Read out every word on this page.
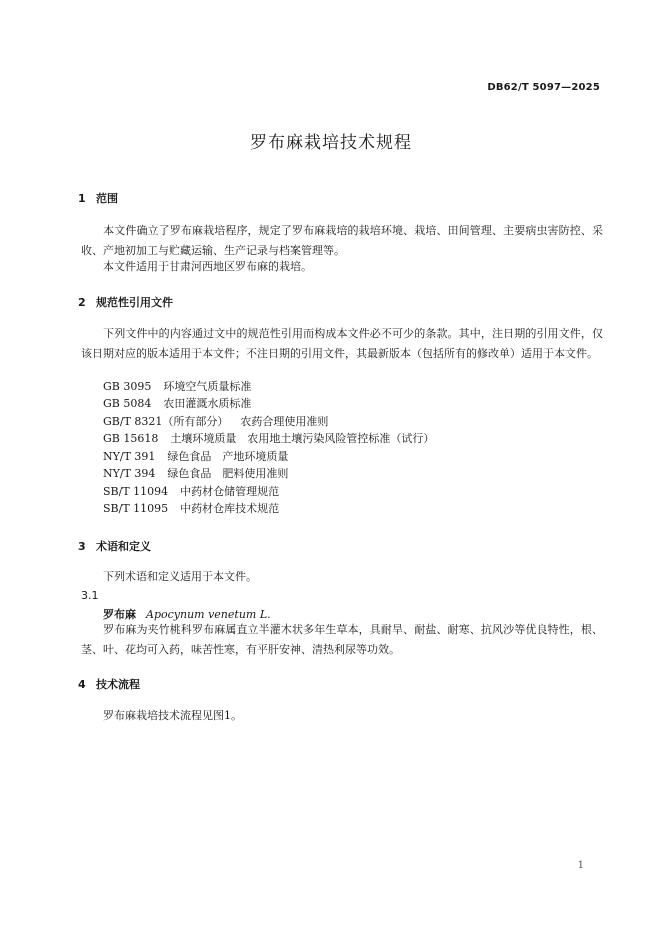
DB62/T 5097—2025
罗布麻栽培技术规程
1 范围
本文件确立了罗布麻栽培程序，规定了罗布麻栽培的栽培环境、栽培、田间管理、主要病虫害防控、采收、产地初加工与贮藏运输、生产记录与档案管理等。
本文件适用于甘肃河西地区罗布麻的栽培。
2 规范性引用文件
下列文件中的内容通过文中的规范性引用而构成本文件必不可少的条款。其中，注日期的引用文件，仅该日期对应的版本适用于本文件；不注日期的引用文件，其最新版本（包括所有的修改单）适用于本文件。
GB 3095 环境空气质量标准
GB 5084 农田灌溉水质标准
GB/T 8321（所有部分） 农药合理使用准则
GB 15618 土壤环境质量　农用地土壤污染风险管控标准（试行）
NY/T 391 绿色食品　产地环境质量
NY/T 394 绿色食品　肥料使用准则
SB/T 11094 中药材仓储管理规范
SB/T 11095 中药材仓库技术规范
3 术语和定义
下列术语和定义适用于本文件。
3.1
罗布麻 Apocynum venetum L.
罗布麻为夹竹桃科罗布麻属直立半灌木状多年生草本，具耐旱、耐盐、耐寒、抗风沙等优良特性，根、茎、叶、花均可入药，味苦性寒，有平肝安神、清热利尿等功效。
4 技术流程
罗布麻栽培技术流程见图1。
1
